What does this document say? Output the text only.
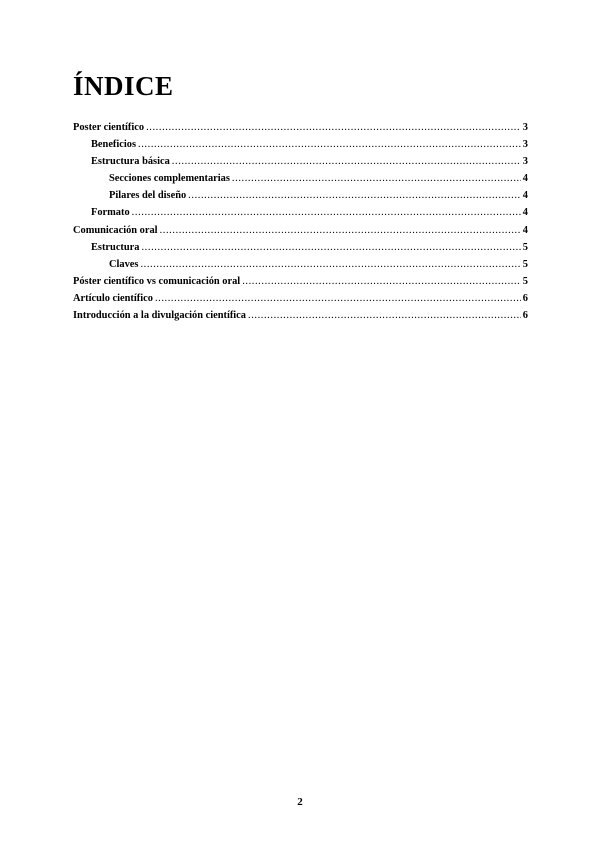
ÍNDICE
Poster científico .....	3
Beneficios .....	3
Estructura básica .....	3
Secciones complementarias .....	4
Pilares del diseño .....	4
Formato .....	4
Comunicación oral .....	4
Estructura .....	5
Claves .....	5
Póster científico vs comunicación oral .....	5
Artículo científico .....	6
Introducción a la divulgación científica .....	6
2
